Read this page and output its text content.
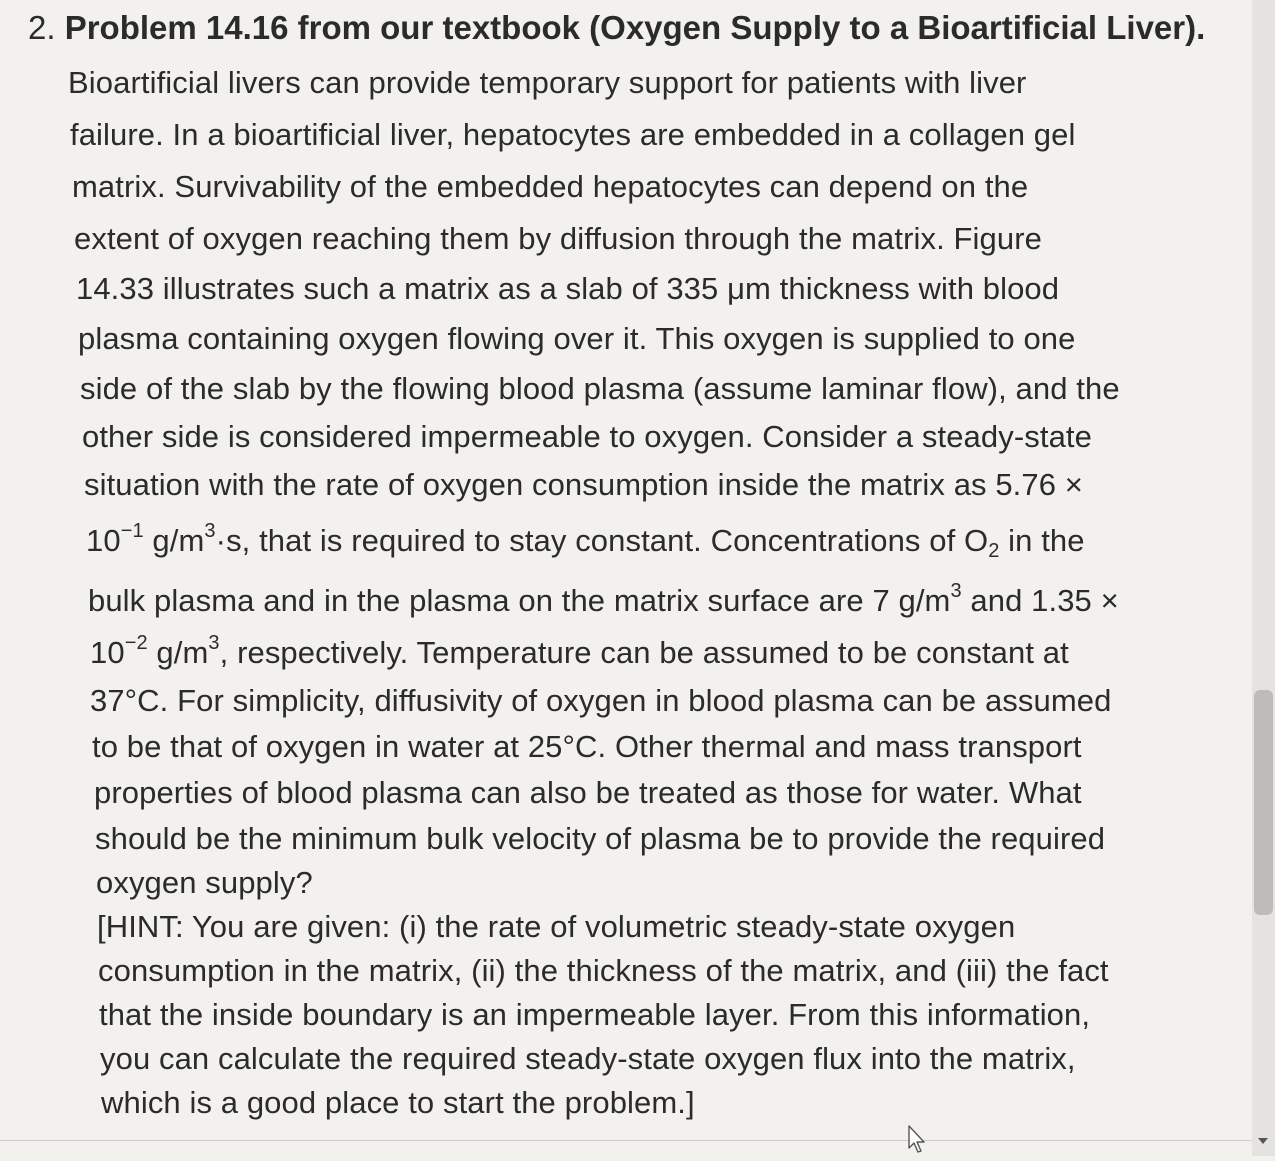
2. Problem 14.16 from our textbook (Oxygen Supply to a Bioartificial Liver).
Bioartificial livers can provide temporary support for patients with liver
failure. In a bioartificial liver, hepatocytes are embedded in a collagen gel
matrix. Survivability of the embedded hepatocytes can depend on the
extent of oxygen reaching them by diffusion through the matrix. Figure
14.33 illustrates such a matrix as a slab of 335 μm thickness with blood
plasma containing oxygen flowing over it. This oxygen is supplied to one
side of the slab by the flowing blood plasma (assume laminar flow), and the
other side is considered impermeable to oxygen. Consider a steady-state
situation with the rate of oxygen consumption inside the matrix as 5.76 ×
$10^{-1}$ $g/m^3\cdot s$, that is required to stay constant. Concentrations of $O_2$ in the
bulk plasma and in the plasma on the matrix surface are 7 $g/m^3$ and 1.35 ×
$10^{-2}$ $g/m^3$, respectively. Temperature can be assumed to be constant at
37°C. For simplicity, diffusivity of oxygen in blood plasma can be assumed
to be that of oxygen in water at 25°C. Other thermal and mass transport
properties of blood plasma can also be treated as those for water. What
should be the minimum bulk velocity of plasma be to provide the required
oxygen supply?
[HINT: You are given: (i) the rate of volumetric steady-state oxygen
consumption in the matrix, (ii) the thickness of the matrix, and (iii) the fact
that the inside boundary is an impermeable layer. From this information,
you can calculate the required steady-state oxygen flux into the matrix,
which is a good place to start the problem.]
